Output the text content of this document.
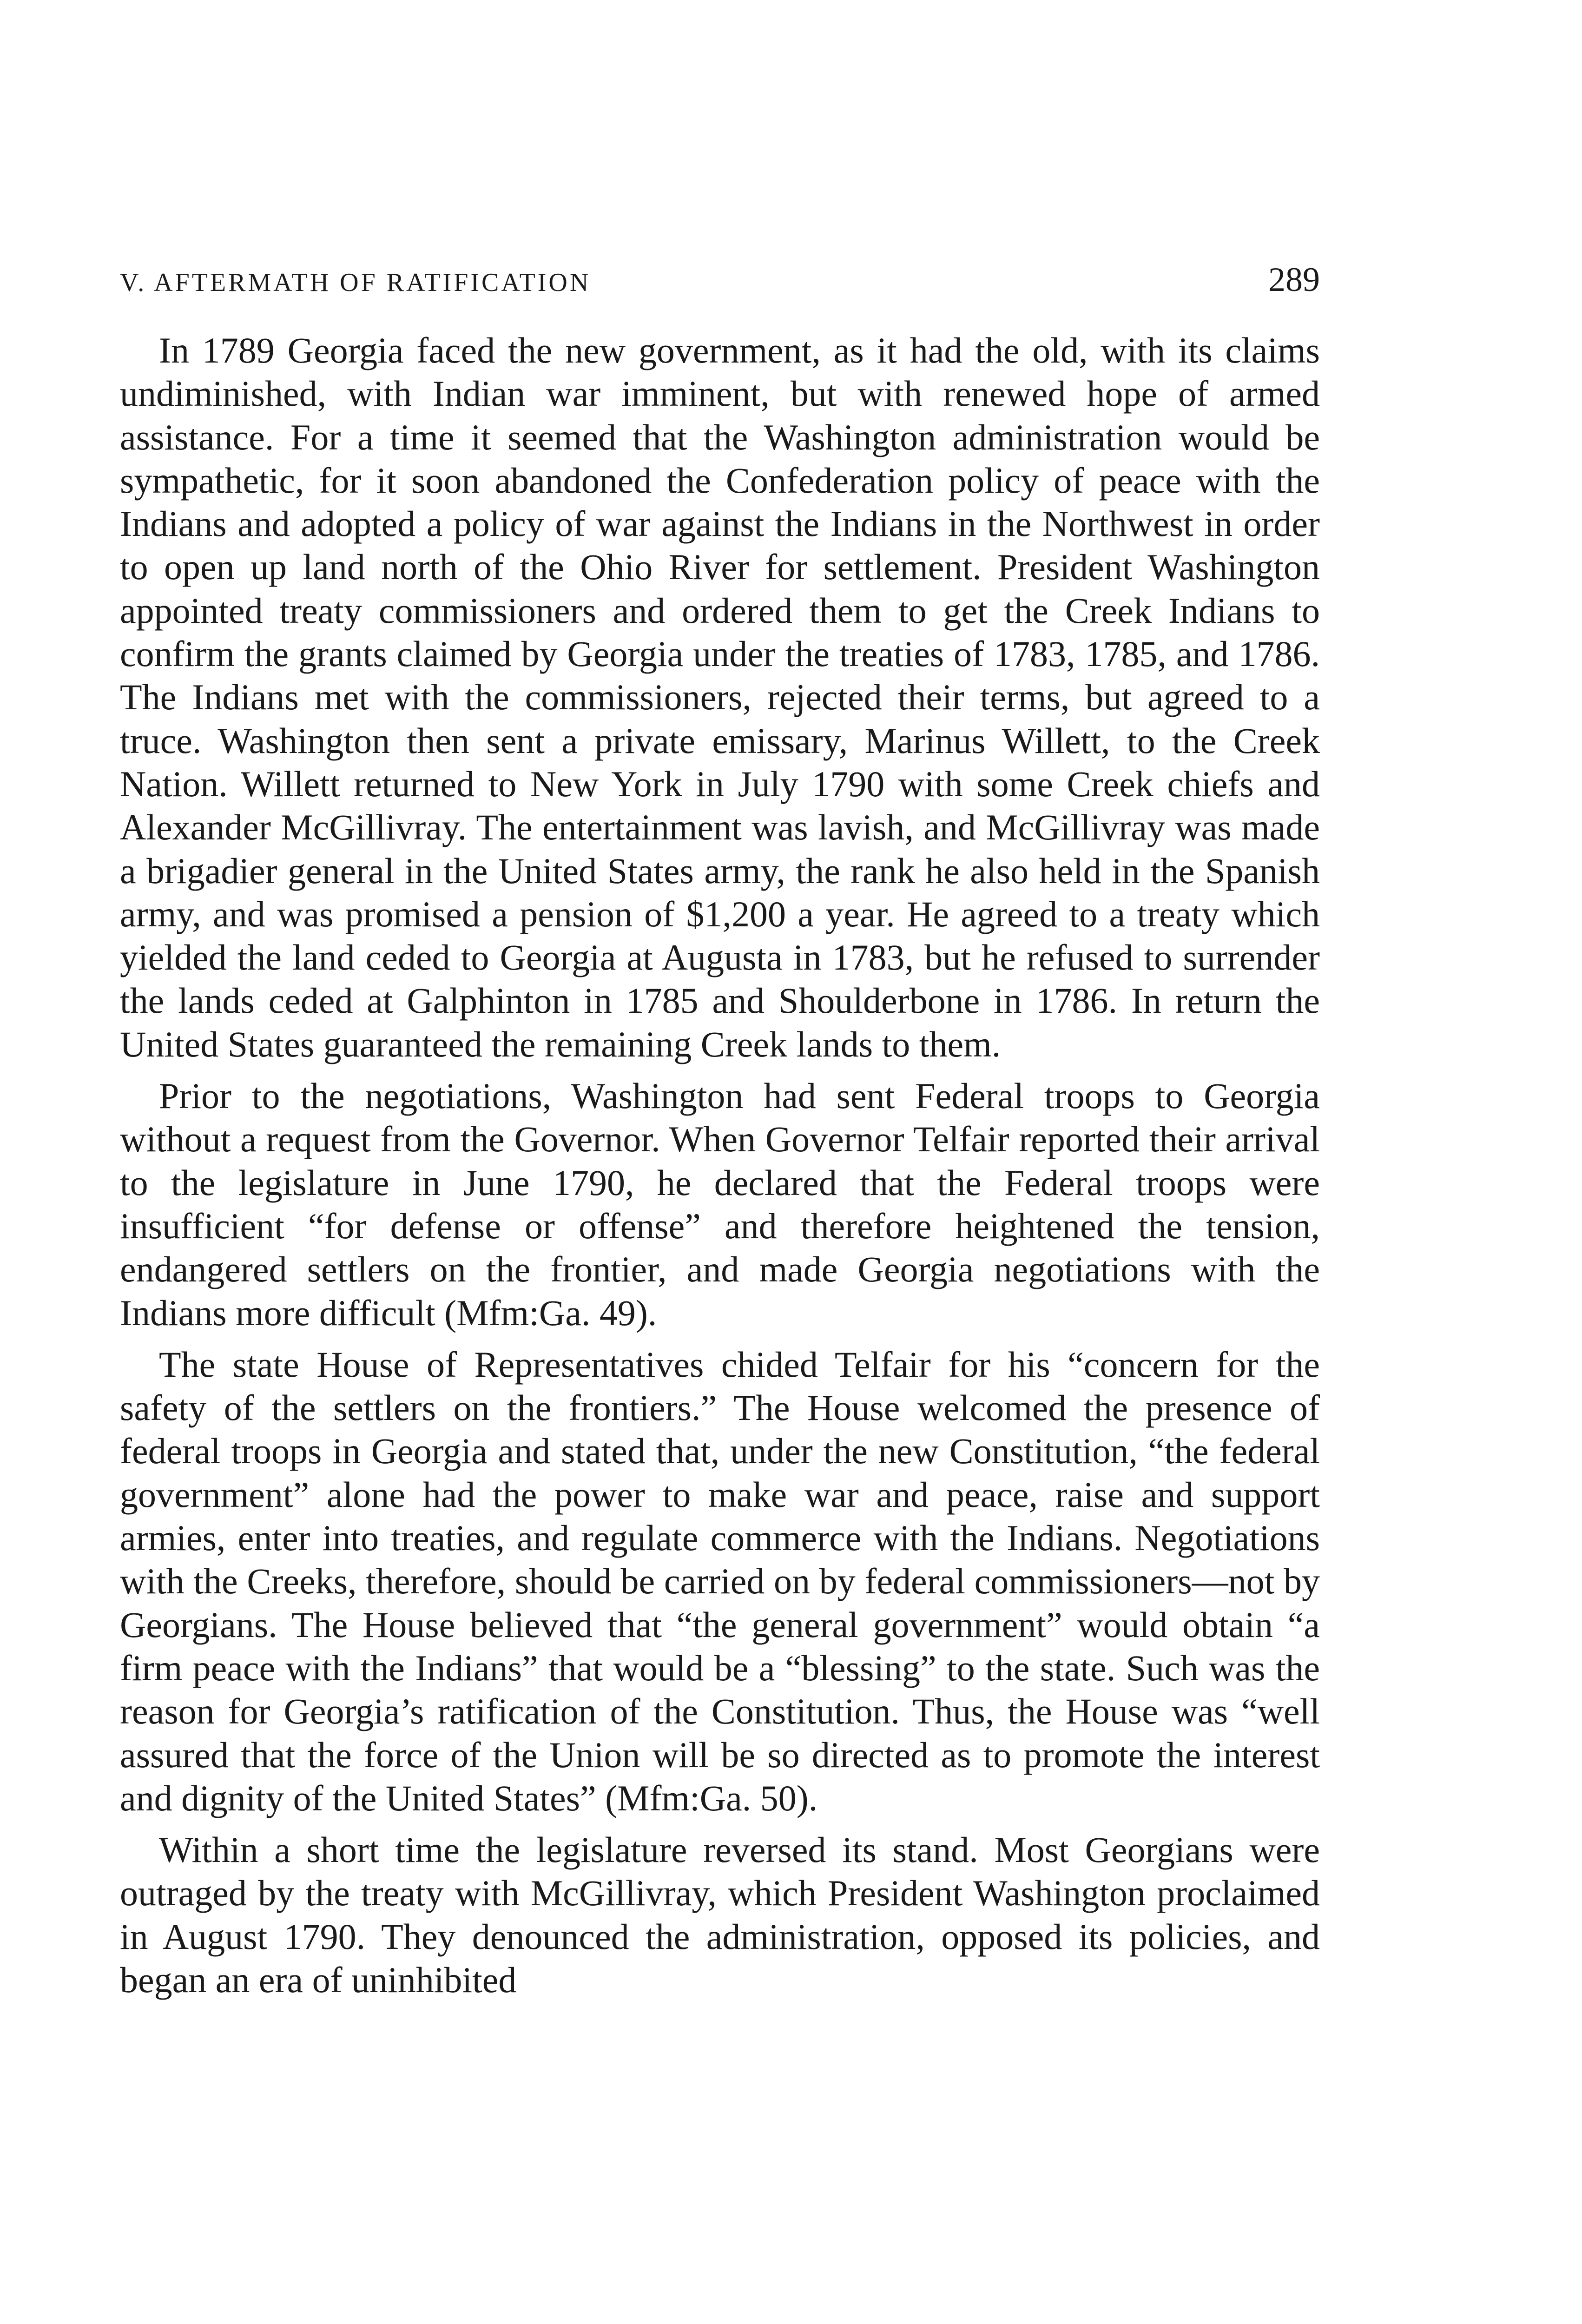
V. AFTERMATH OF RATIFICATION	289

In 1789 Georgia faced the new government, as it had the old, with its claims undiminished, with Indian war imminent, but with renewed hope of armed assistance. For a time it seemed that the Washington administration would be sympathetic, for it soon abandoned the Confederation policy of peace with the Indians and adopted a policy of war against the Indians in the Northwest in order to open up land north of the Ohio River for settlement. President Washington appointed treaty commissioners and ordered them to get the Creek Indians to confirm the grants claimed by Georgia under the treaties of 1783, 1785, and 1786. The Indians met with the commissioners, rejected their terms, but agreed to a truce. Washington then sent a private emissary, Marinus Willett, to the Creek Nation. Willett returned to New York in July 1790 with some Creek chiefs and Alexander McGillivray. The entertainment was lavish, and McGillivray was made a brigadier general in the United States army, the rank he also held in the Spanish army, and was promised a pension of $1,200 a year. He agreed to a treaty which yielded the land ceded to Georgia at Augusta in 1783, but he refused to surrender the lands ceded at Galphinton in 1785 and Shoulderbone in 1786. In return the United States guaranteed the remaining Creek lands to them.

Prior to the negotiations, Washington had sent Federal troops to Georgia without a request from the Governor. When Governor Telfair reported their arrival to the legislature in June 1790, he declared that the Federal troops were insufficient “for defense or offense” and therefore heightened the tension, endangered settlers on the frontier, and made Georgia negotiations with the Indians more difficult (Mfm:Ga. 49).

The state House of Representatives chided Telfair for his “concern for the safety of the settlers on the frontiers.” The House welcomed the presence of federal troops in Georgia and stated that, under the new Constitution, “the federal government” alone had the power to make war and peace, raise and support armies, enter into treaties, and regulate commerce with the Indians. Negotiations with the Creeks, therefore, should be carried on by federal commissioners—not by Georgians. The House believed that “the general government” would obtain “a firm peace with the Indians” that would be a “blessing” to the state. Such was the reason for Georgia’s ratification of the Constitution. Thus, the House was “well assured that the force of the Union will be so directed as to promote the interest and dignity of the United States” (Mfm:Ga. 50).

Within a short time the legislature reversed its stand. Most Georgians were outraged by the treaty with McGillivray, which President Washington proclaimed in August 1790. They denounced the administration, opposed its policies, and began an era of uninhibited
